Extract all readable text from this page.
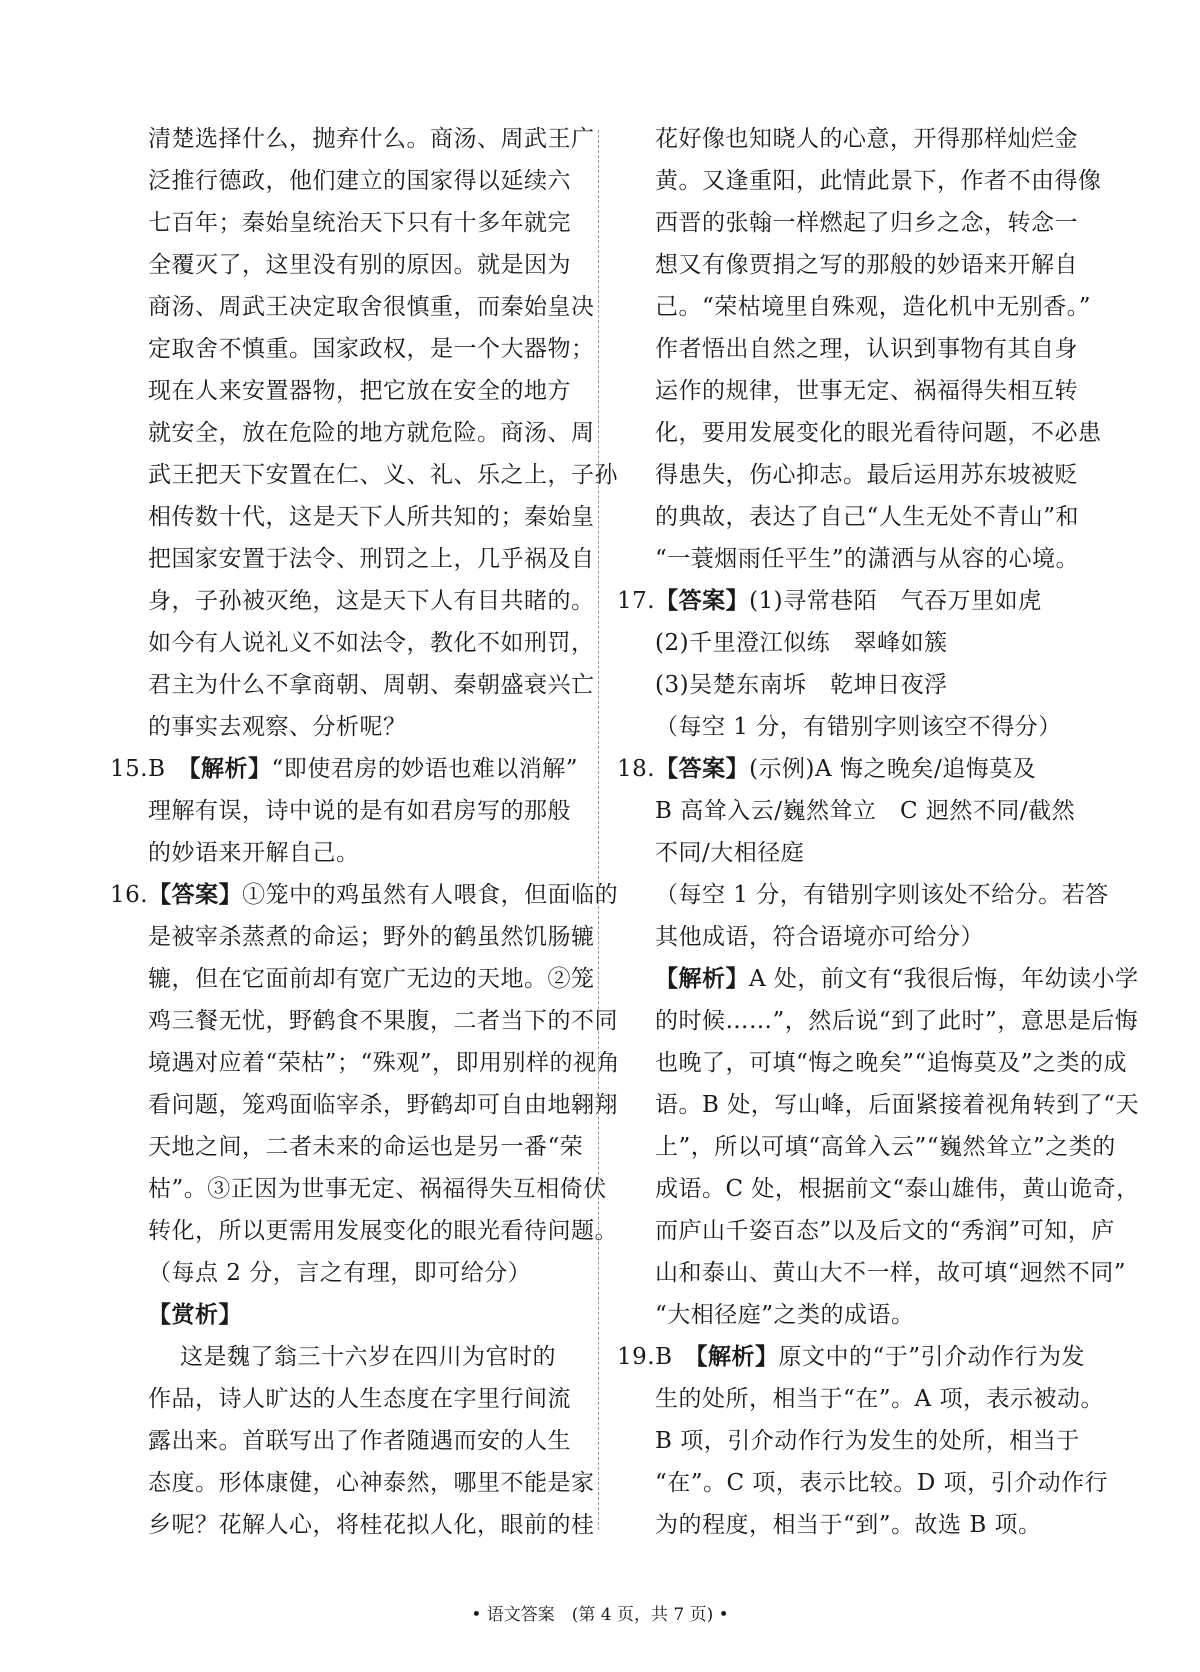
清楚选择什么，抛弃什么。商汤、周武王广
泛推行德政，他们建立的国家得以延续六
七百年；秦始皇统治天下只有十多年就完
全覆灭了，这里没有别的原因。就是因为
商汤、周武王决定取舍很慎重，而秦始皇决
定取舍不慎重。国家政权，是一个大器物；
现在人来安置器物，把它放在安全的地方
就安全，放在危险的地方就危险。商汤、周
武王把天下安置在仁、义、礼、乐之上，子孙
相传数十代，这是天下人所共知的；秦始皇
把国家安置于法令、刑罚之上，几乎祸及自
身，子孙被灭绝，这是天下人有目共睹的。
如今有人说礼义不如法令，教化不如刑罚，
君主为什么不拿商朝、周朝、秦朝盛衰兴亡
的事实去观察、分析呢？
15.B　【解析】“即使君房的妙语也难以消解”
理解有误，诗中说的是有如君房写的那般
的妙语来开解自己。
16.【答案】①笼中的鸡虽然有人喂食，但面临的
是被宰杀蒸煮的命运；野外的鹤虽然饥肠辘
辘，但在它面前却有宽广无边的天地。②笼
鸡三餐无忧，野鹤食不果腹，二者当下的不同
境遇对应着“荣枯”；“殊观”，即用别样的视角
看问题，笼鸡面临宰杀，野鹤却可自由地翱翔
天地之间，二者未来的命运也是另一番“荣
枯”。③正因为世事无定、祸福得失互相倚伏
转化，所以更需用发展变化的眼光看待问题。
（每点 2 分，言之有理，即可给分）
【赏析】
这是魏了翁三十六岁在四川为官时的
作品，诗人旷达的人生态度在字里行间流
露出来。首联写出了作者随遇而安的人生
态度。形体康健，心神泰然，哪里不能是家
乡呢？花解人心，将桂花拟人化，眼前的桂
花好像也知晓人的心意，开得那样灿烂金
黄。又逢重阳，此情此景下，作者不由得像
西晋的张翰一样燃起了归乡之念，转念一
想又有像贾捐之写的那般的妙语来开解自
己。“荣枯境里自殊观，造化机中无别香。”
作者悟出自然之理，认识到事物有其自身
运作的规律，世事无定、祸福得失相互转
化，要用发展变化的眼光看待问题，不必患
得患失，伤心抑志。最后运用苏东坡被贬
的典故，表达了自己“人生无处不青山”和
“一蓑烟雨任平生”的潇洒与从容的心境。
17.【答案】(1)寻常巷陌　气吞万里如虎
(2)千里澄江似练　翠峰如簇
(3)吴楚东南坼　乾坤日夜浮
（每空 1 分，有错别字则该空不得分）
18.【答案】(示例)A 悔之晚矣/追悔莫及
B 高耸入云/巍然耸立　C 迥然不同/截然
不同/大相径庭
（每空 1 分，有错别字则该处不给分。若答
其他成语，符合语境亦可给分）
【解析】A 处，前文有“我很后悔，年幼读小学
的时候……”，然后说“到了此时”，意思是后悔
也晚了，可填“悔之晚矣”“追悔莫及”之类的成
语。B 处，写山峰，后面紧接着视角转到了“天
上”，所以可填“高耸入云”“巍然耸立”之类的
成语。C 处，根据前文“泰山雄伟，黄山诡奇，
而庐山千姿百态”以及后文的“秀润”可知，庐
山和泰山、黄山大不一样，故可填“迥然不同”
“大相径庭”之类的成语。
19.B　【解析】原文中的“于”引介动作行为发
生的处所，相当于“在”。A 项，表示被动。
B 项，引介动作行为发生的处所，相当于
“在”。C 项，表示比较。D 项，引介动作行
为的程度，相当于“到”。故选 B 项。
• 语文答案　(第 4 页，共 7 页) •
